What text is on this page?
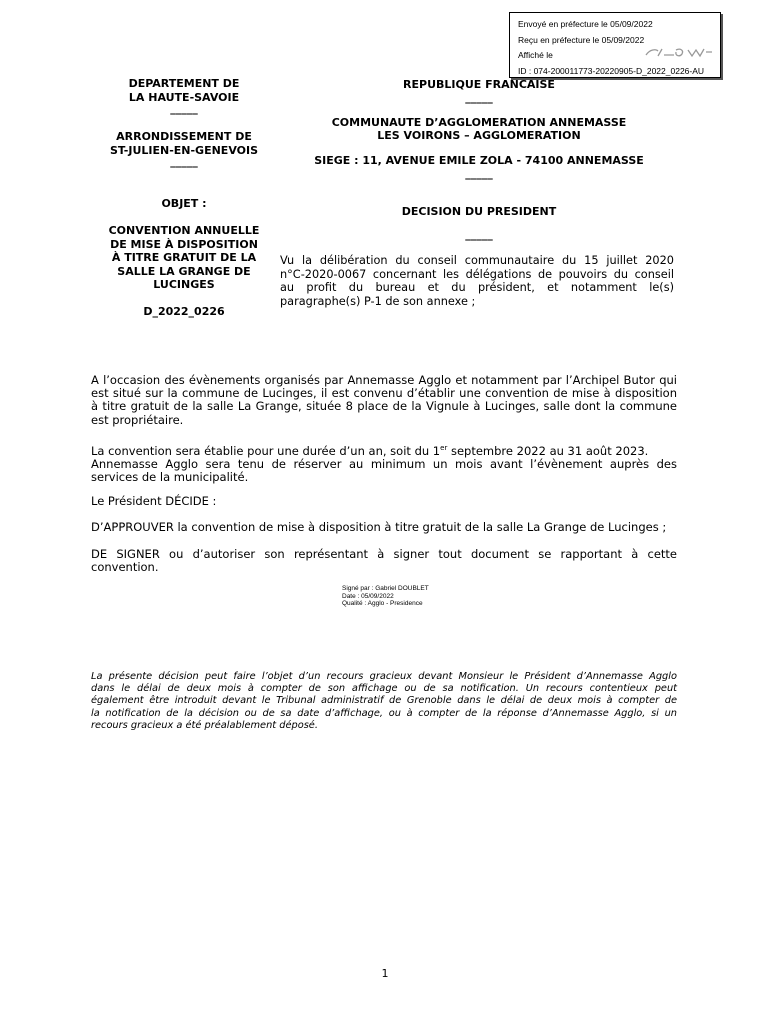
Envoyé en préfecture le 05/09/2022
Reçu en préfecture le 05/09/2022
Affiché le
ID : 074-200011773-20220905-D_2022_0226-AU
DEPARTEMENT DE
LA HAUTE-SAVOIE
_____
ARRONDISSEMENT DE
ST-JULIEN-EN-GENEVOIS
_____
OBJET :
CONVENTION ANNUELLE
DE MISE À DISPOSITION
À TITRE GRATUIT DE LA
SALLE LA GRANGE DE
LUCINGES
D_2022_0226
REPUBLIQUE FRANCAISE
_____
COMMUNAUTE D’AGGLOMERATION ANNEMASSE
LES VOIRONS – AGGLOMERATION
SIEGE : 11, AVENUE EMILE ZOLA - 74100 ANNEMASSE
_____
DECISION DU PRESIDENT
_____
Vu la délibération du conseil communautaire du 15 juillet 2020
n°C-2020-0067 concernant les délégations de pouvoirs du conseil
au profit du bureau et du président, et notamment le(s)
paragraphe(s) P-1 de son annexe ;
A l’occasion des évènements organisés par Annemasse Agglo et notamment par l’Archipel Butor qui
est situé sur la commune de Lucinges, il est convenu d’établir une convention de mise à disposition
à titre gratuit de la salle La Grange, située 8 place de la Vignule à Lucinges, salle dont la commune
est propriétaire.
La convention sera établie pour une durée d’un an, soit du 1er septembre 2022 au 31 août 2023.
Annemasse Agglo sera tenu de réserver au minimum un mois avant l’évènement auprès des
services de la municipalité.
Le Président DÉCIDE :
D’APPROUVER la convention de mise à disposition à titre gratuit de la salle La Grange de Lucinges ;
DE SIGNER ou d’autoriser son représentant à signer tout document se rapportant à cette
convention.
Signé par : Gabriel DOUBLET
Date : 05/09/2022
Qualité : Agglo - Presidence
La présente décision peut faire l’objet d’un recours gracieux devant Monsieur le Président d’Annemasse Agglo
dans le délai de deux mois à compter de son affichage ou de sa notification. Un recours contentieux peut
également être introduit devant le Tribunal administratif de Grenoble dans le délai de deux mois à compter de
la notification de la décision ou de sa date d’affichage, ou à compter de la réponse d’Annemasse Agglo, si un
recours gracieux a été préalablement déposé.
1
